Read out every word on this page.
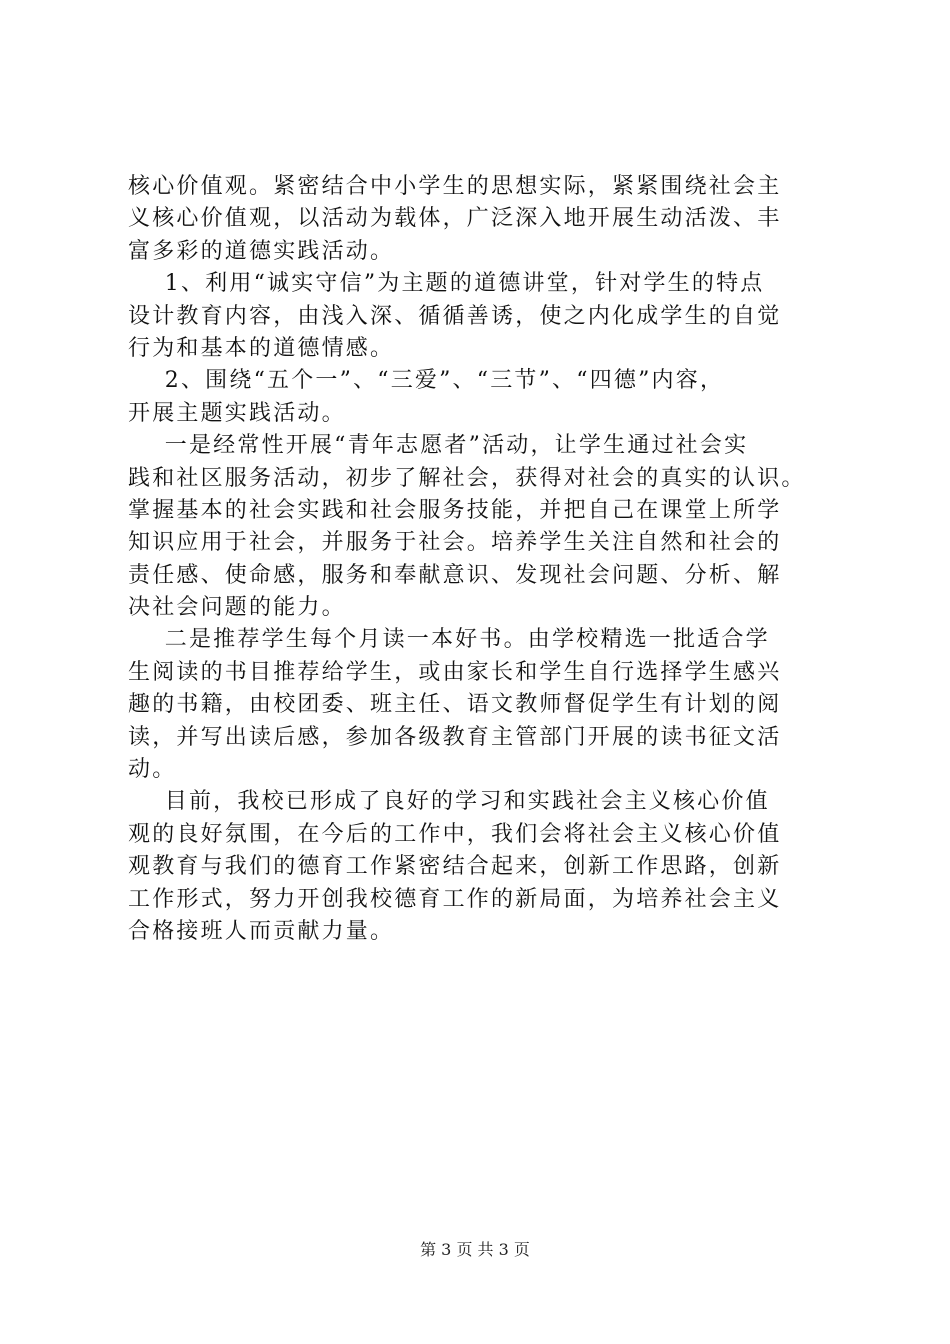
核心价值观。紧密结合中小学生的思想实际，紧紧围绕社会主
义核心价值观，以活动为载体，广泛深入地开展生动活泼、丰
富多彩的道德实践活动。
1、利用“诚实守信”为主题的道德讲堂，针对学生的特点
设计教育内容，由浅入深、循循善诱，使之内化成学生的自觉
行为和基本的道德情感。
2、围绕“五个一”、“三爱”、“三节”、“四德”内容，
开展主题实践活动。
一是经常性开展“青年志愿者”活动，让学生通过社会实
践和社区服务活动，初步了解社会，获得对社会的真实的认识。
掌握基本的社会实践和社会服务技能，并把自己在课堂上所学
知识应用于社会，并服务于社会。培养学生关注自然和社会的
责任感、使命感，服务和奉献意识、发现社会问题、分析、解
决社会问题的能力。
二是推荐学生每个月读一本好书。由学校精选一批适合学
生阅读的书目推荐给学生，或由家长和学生自行选择学生感兴
趣的书籍，由校团委、班主任、语文教师督促学生有计划的阅
读，并写出读后感，参加各级教育主管部门开展的读书征文活
动。
目前，我校已形成了良好的学习和实践社会主义核心价值
观的良好氛围，在今后的工作中，我们会将社会主义核心价值
观教育与我们的德育工作紧密结合起来，创新工作思路，创新
工作形式，努力开创我校德育工作的新局面，为培养社会主义
合格接班人而贡献力量。
第 3 页 共 3 页
